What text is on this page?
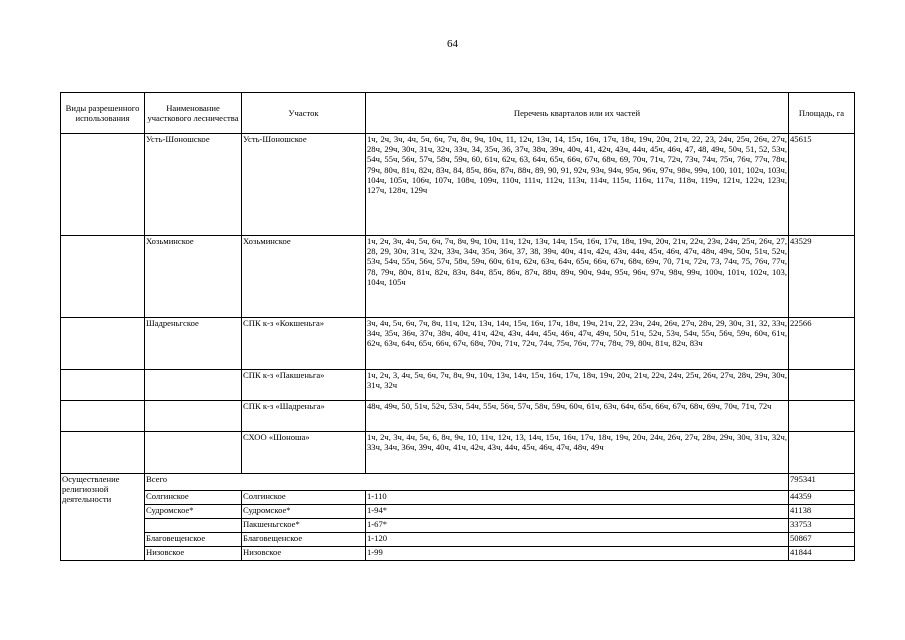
64
Виды разрешенного использования	Наименование участкового лесничества	Участок	Перечень кварталов или их частей	Площадь, га
	Усть-Шоношское	Усть-Шоношское	1ч, 2ч, 3ч, 4ч, 5ч, 6ч, 7ч, 8ч, 9ч, 10ч, 11, 12ч, 13ч, 14, 15ч, 16ч, 17ч, 18ч, 19ч, 20ч, 21ч, 22, 23, 24ч, 25ч, 26ч, 27ч, 28ч, 29ч, 30ч, 31ч, 32ч, 33ч, 34, 35ч, 36, 37ч, 38ч, 39ч, 40ч, 41, 42ч, 43ч, 44ч, 45ч, 46ч, 47, 48, 49ч, 50ч, 51, 52, 53ч, 54ч, 55ч, 56ч, 57ч, 58ч, 59ч, 60, 61ч, 62ч, 63, 64ч, 65ч, 66ч, 67ч, 68ч, 69, 70ч, 71ч, 72ч, 73ч, 74ч, 75ч, 76ч, 77ч, 78ч, 79ч, 80ч, 81ч, 82ч, 83ч, 84, 85ч, 86ч, 87ч, 88ч, 89, 90, 91, 92ч, 93ч, 94ч, 95ч, 96ч, 97ч, 98ч, 99ч, 100, 101, 102ч, 103ч, 104ч, 105ч, 106ч, 107ч, 108ч, 109ч, 110ч, 111ч, 112ч, 113ч, 114ч, 115ч, 116ч, 117ч, 118ч, 119ч, 121ч, 122ч, 123ч, 127ч, 128ч, 129ч	45615
	Хозьминское	Хозьминское	1ч, 2ч, 3ч, 4ч, 5ч, 6ч, 7ч, 8ч, 9ч, 10ч, 11ч, 12ч, 13ч, 14ч, 15ч, 16ч, 17ч, 18ч, 19ч, 20ч, 21ч, 22ч, 23ч, 24ч, 25ч, 26ч, 27, 28, 29, 30ч, 31ч, 32ч, 33ч, 34ч, 35ч, 36ч, 37, 38, 39ч, 40ч, 41ч, 42ч, 43ч, 44ч, 45ч, 46ч, 47ч, 48ч, 49ч, 50ч, 51ч, 52ч, 53ч, 54ч, 55ч, 56ч, 57ч, 58ч, 59ч, 60ч, 61ч, 62ч, 63ч, 64ч, 65ч, 66ч, 67ч, 68ч, 69ч, 70, 71ч, 72ч, 73, 74ч, 75, 76ч, 77ч, 78, 79ч, 80ч, 81ч, 82ч, 83ч, 84ч, 85ч, 86ч, 87ч, 88ч, 89ч, 90ч, 94ч, 95ч, 96ч, 97ч, 98ч, 99ч, 100ч, 101ч, 102ч, 103, 104ч, 105ч	43529
	Шадреньгское	СПК к-з «Кокшеньга»	3ч, 4ч, 5ч, 6ч, 7ч, 8ч, 11ч, 12ч, 13ч, 14ч, 15ч, 16ч, 17ч, 18ч, 19ч, 21ч, 22, 23ч, 24ч, 26ч, 27ч, 28ч, 29, 30ч, 31, 32, 33ч, 34ч, 35ч, 36ч, 37ч, 38ч, 40ч, 41ч, 42ч, 43ч, 44ч, 45ч, 46ч, 47ч, 49ч, 50ч, 51ч, 52ч, 53ч, 54ч, 55ч, 56ч, 59ч, 60ч, 61ч, 62ч, 63ч, 64ч, 65ч, 66ч, 67ч, 68ч, 70ч, 71ч, 72ч, 74ч, 75ч, 76ч, 77ч, 78ч, 79, 80ч, 81ч, 82ч, 83ч	22566
		СПК к-з «Пакшеньга»	1ч, 2ч, 3, 4ч, 5ч, 6ч, 7ч, 8ч, 9ч, 10ч, 13ч, 14ч, 15ч, 16ч, 17ч, 18ч, 19ч, 20ч, 21ч, 22ч, 24ч, 25ч, 26ч, 27ч, 28ч, 29ч, 30ч, 31ч, 32ч	
		СПК к-з «Шадреньга»	48ч, 49ч, 50, 51ч, 52ч, 53ч, 54ч, 55ч, 56ч, 57ч, 58ч, 59ч, 60ч, 61ч, 63ч, 64ч, 65ч, 66ч, 67ч, 68ч, 69ч, 70ч, 71ч, 72ч	
		СХОО «Шоноша»	1ч, 2ч, 3ч, 4ч, 5ч, 6, 8ч, 9ч, 10, 11ч, 12ч, 13, 14ч, 15ч, 16ч, 17ч, 18ч, 19ч, 20ч, 24ч, 26ч, 27ч, 28ч, 29ч, 30ч, 31ч, 32ч, 33ч, 34ч, 36ч, 39ч, 40ч, 41ч, 42ч, 43ч, 44ч, 45ч, 46ч, 47ч, 48ч, 49ч	
Осуществление религиозной деятельности	Всего			795341
	Солгинское	Солгинское	1-110	44359
	Судромское*	Судромское*	1-94*	41138
		Пакшеньгское*	1-67*	33753
	Благовещенское	Благовещенское	1-120	50867
	Низовское	Низовское	1-99	41844
